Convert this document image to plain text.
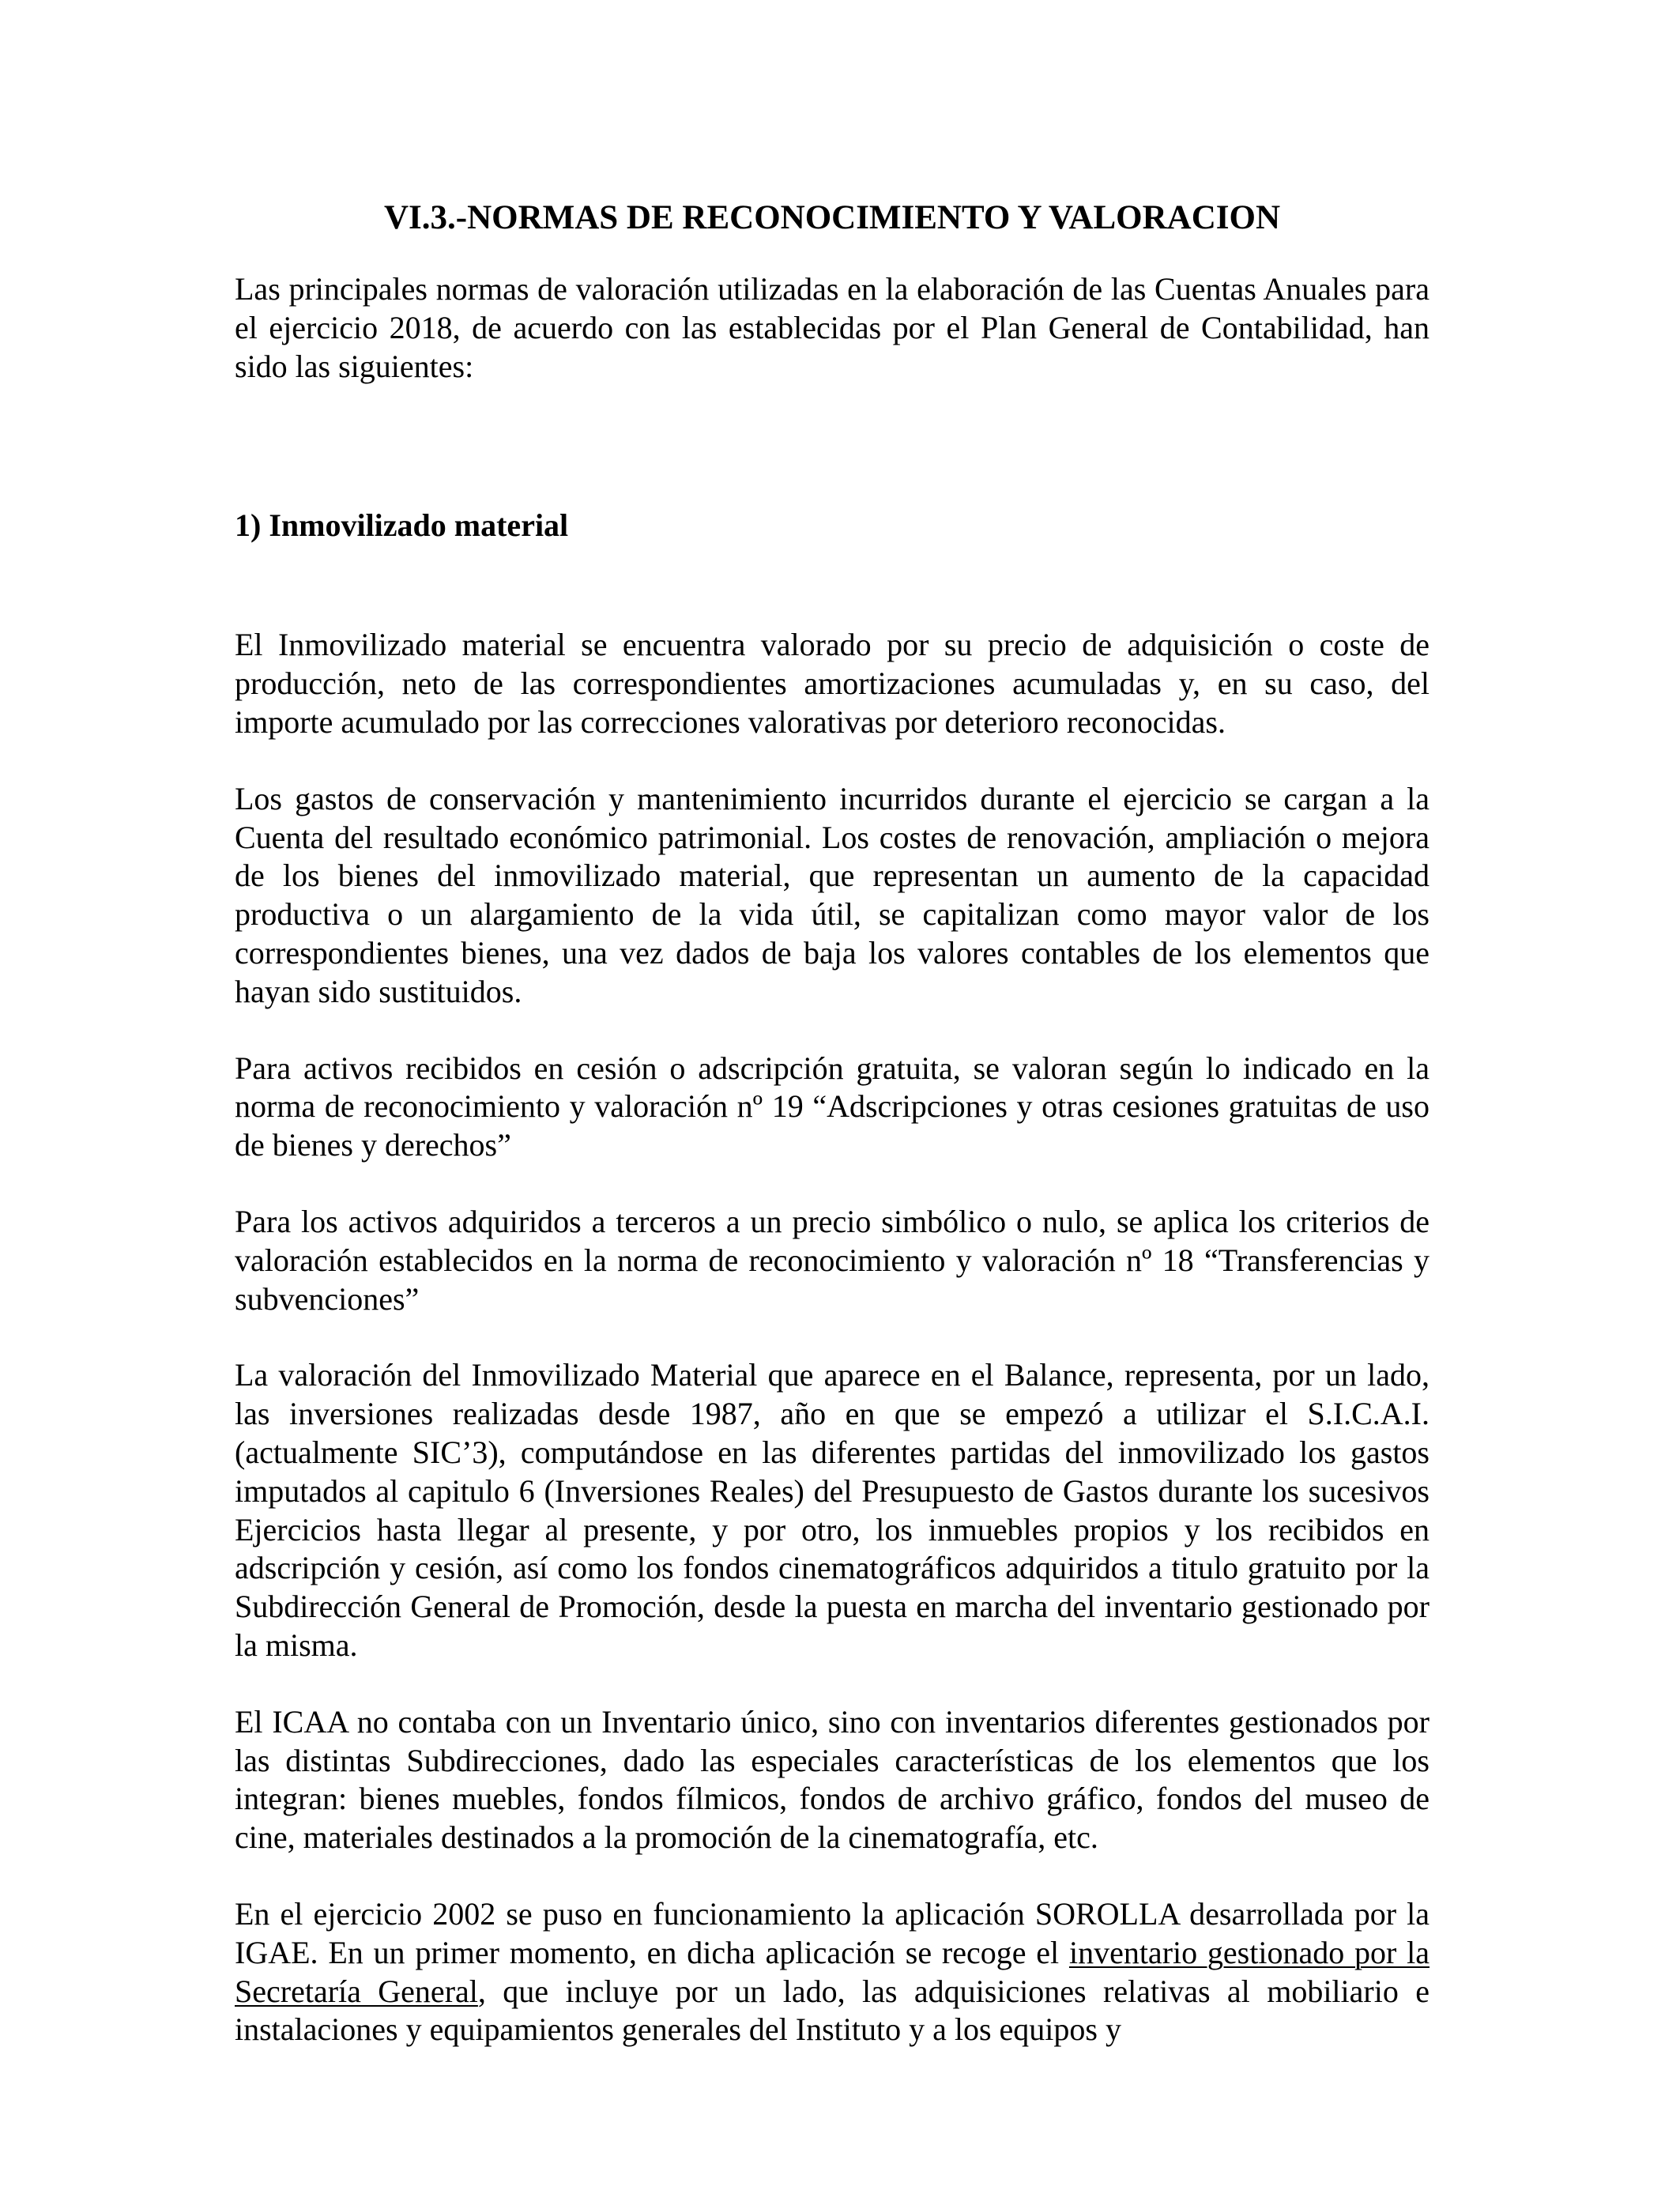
VI.3.-NORMAS DE RECONOCIMIENTO Y VALORACION

Las principales normas de valoración utilizadas en la elaboración de las Cuentas Anuales para el ejercicio 2018, de acuerdo con las establecidas por el Plan General de Contabilidad, han sido las siguientes:

1) Inmovilizado material

El Inmovilizado material se encuentra valorado por su precio de adquisición o coste de producción, neto de las correspondientes amortizaciones acumuladas y, en su caso, del importe acumulado por las correcciones valorativas por deterioro reconocidas.

Los gastos de conservación y mantenimiento incurridos durante el ejercicio se cargan a la Cuenta del resultado económico patrimonial. Los costes de renovación, ampliación o mejora de los bienes del inmovilizado material, que representan un aumento de la capacidad productiva o un alargamiento de la vida útil, se capitalizan como mayor valor de los correspondientes bienes, una vez dados de baja los valores contables de los elementos que hayan sido sustituidos.

Para activos recibidos en cesión o adscripción gratuita, se valoran según lo indicado en la norma de reconocimiento y valoración nº 19 “Adscripciones y otras cesiones gratuitas de uso de bienes y derechos”

Para los activos adquiridos a terceros a un precio simbólico o nulo, se aplica los criterios de valoración establecidos en la norma de reconocimiento y valoración nº 18 “Transferencias y subvenciones”

La valoración del Inmovilizado Material que aparece en el Balance, representa, por un lado, las inversiones realizadas desde 1987, año en que se empezó a utilizar el S.I.C.A.I. (actualmente SIC’3), computándose en las diferentes partidas del inmovilizado los gastos imputados al capitulo 6 (Inversiones Reales) del Presupuesto de Gastos durante los sucesivos Ejercicios hasta llegar al presente, y por otro, los inmuebles propios y los recibidos en adscripción y cesión, así como los fondos cinematográficos adquiridos a titulo gratuito por la Subdirección General de Promoción, desde la puesta en marcha del inventario gestionado por la misma.

El ICAA no contaba con un Inventario único, sino con inventarios diferentes gestionados por las distintas Subdirecciones, dado las especiales características de los elementos que los integran: bienes muebles, fondos fílmicos, fondos de archivo gráfico, fondos del museo de cine, materiales destinados a la promoción de la cinematografía, etc.

En el ejercicio 2002 se puso en funcionamiento la aplicación SOROLLA desarrollada por la IGAE. En un primer momento, en dicha aplicación se recoge el inventario gestionado por la Secretaría General, que incluye por un lado, las adquisiciones relativas al mobiliario e instalaciones y equipamientos generales del Instituto y a los equipos y
